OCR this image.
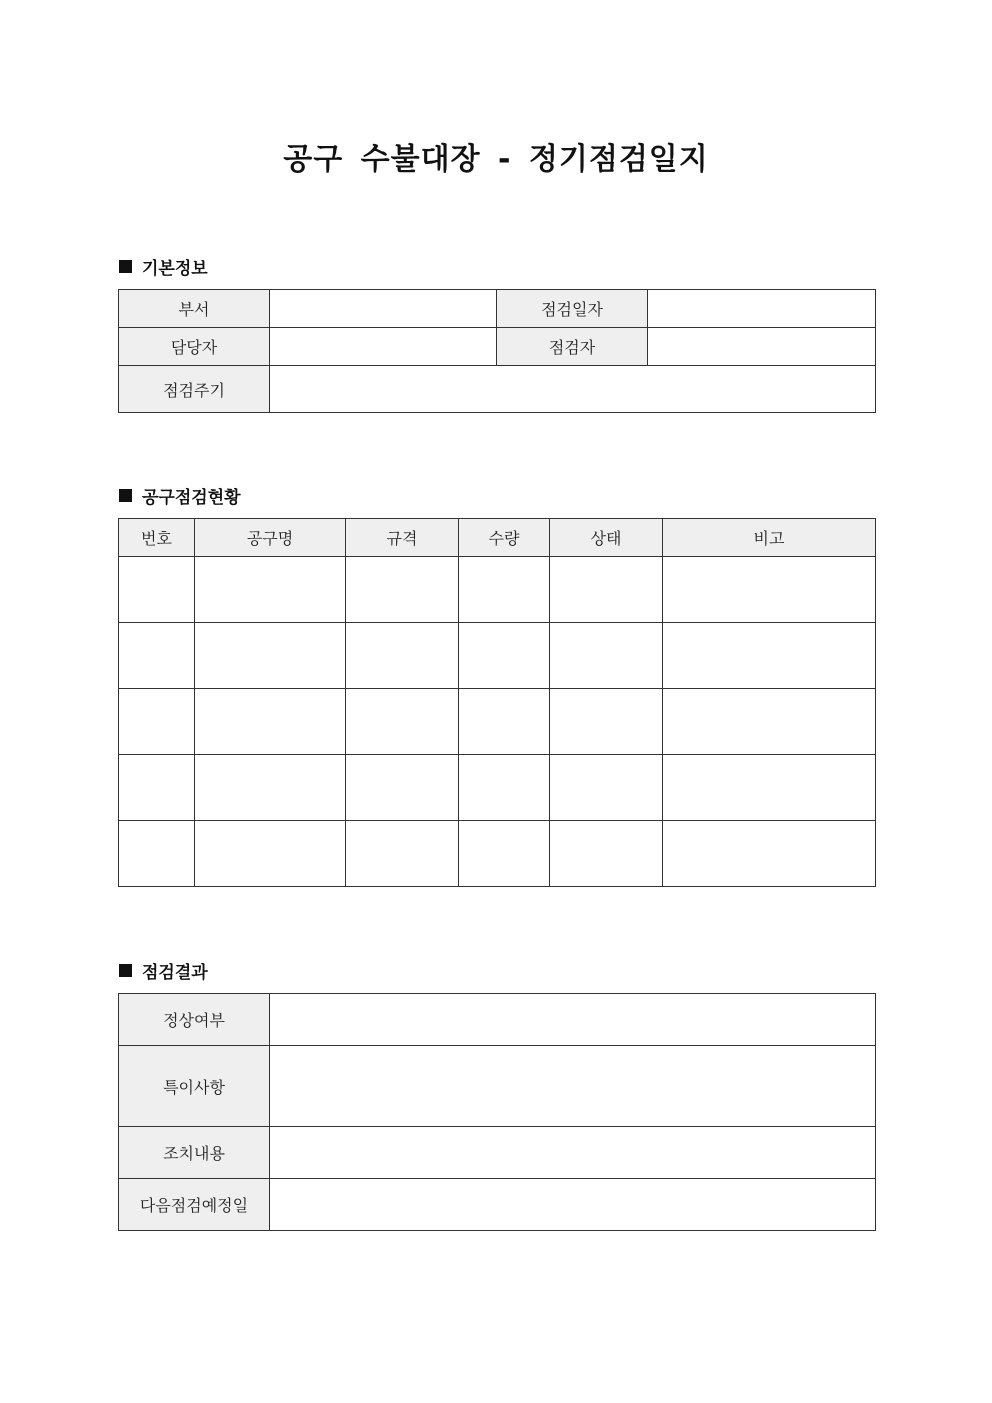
공구 수불대장 - 정기점검일지
기본정보
부서		점검일자	
담당자		점검자	
점검주기			
공구점검현황
번호	공구명	규격	수량	상태	비고

점검결과
정상여부	
특이사항	
조치내용	
다음점검예정일	
